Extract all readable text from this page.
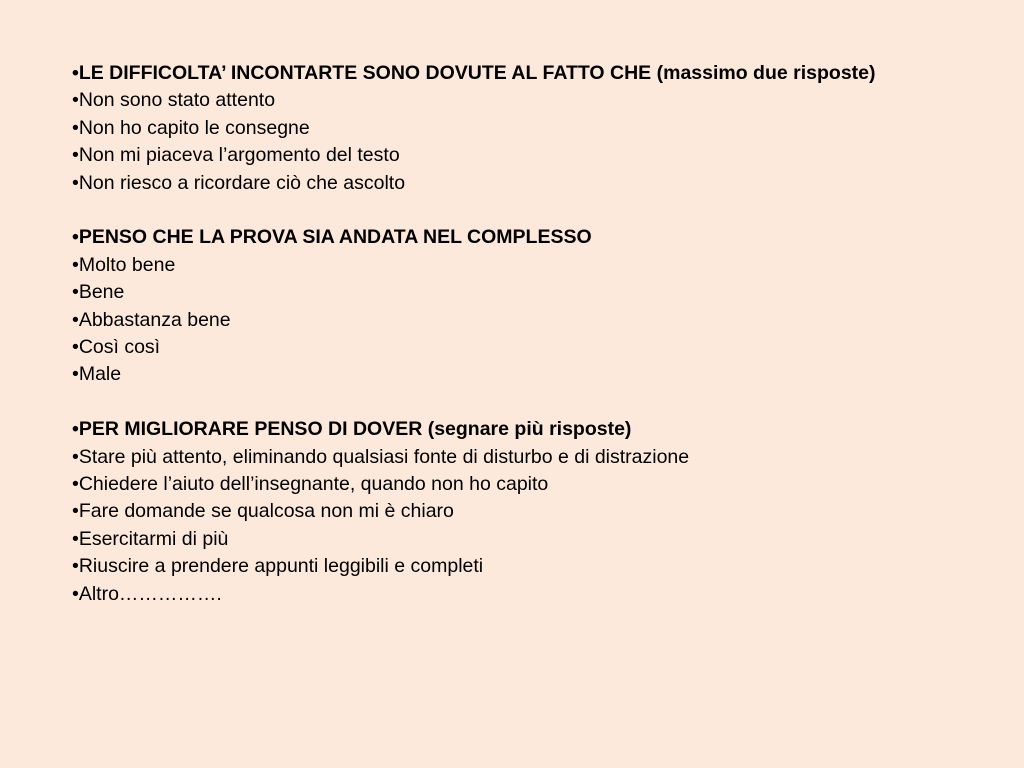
•LE DIFFICOLTA’ INCONTARTE SONO DOVUTE AL FATTO CHE (massimo due risposte)
•Non sono stato attento
•Non ho capito le consegne
•Non mi piaceva l’argomento del testo
•Non riesco a ricordare ciò che ascolto
•PENSO CHE LA PROVA SIA ANDATA NEL COMPLESSO
•Molto bene
•Bene
•Abbastanza bene
•Così così
•Male
•PER MIGLIORARE PENSO DI DOVER (segnare più risposte)
•Stare più attento, eliminando qualsiasi fonte di disturbo e di distrazione
•Chiedere l’aiuto dell’insegnante, quando non ho capito
•Fare domande se qualcosa non mi è chiaro
•Esercitarmi di più
•Riuscire a prendere appunti leggibili e completi
•Altro…………….
